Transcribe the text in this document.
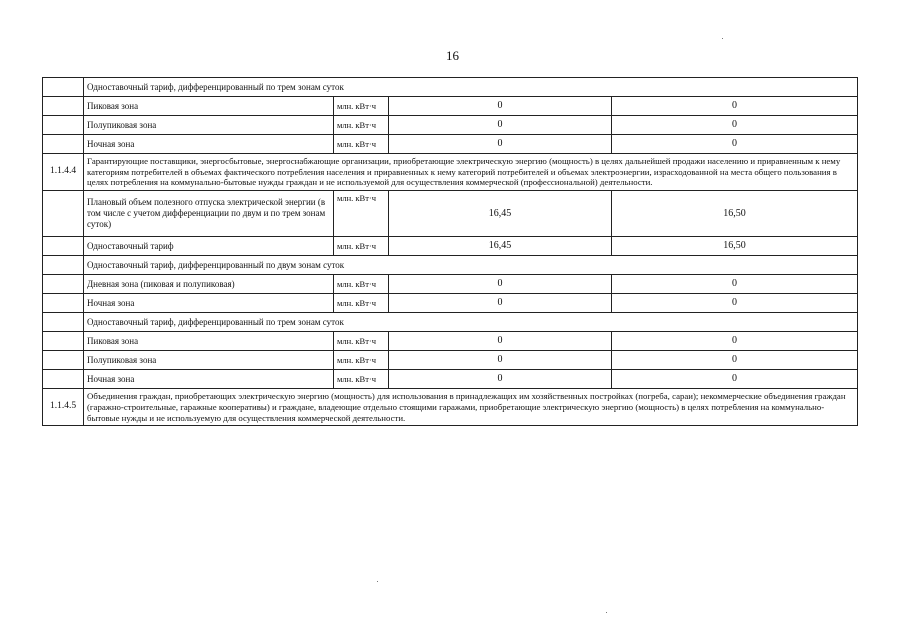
16
	Одноставочный тариф, дифференцированный по трем зонам суток			
	Пиковая зона	млн. кВт·ч	0	0
	Полупиковая зона	млн. кВт·ч	0	0
	Ночная зона	млн. кВт·ч	0	0
1.1.4.4	Гарантирующие поставщики, энергосбытовые, энергоснабжающие организации, приобретающие электрическую энергию (мощность) в целях дальнейшей продажи населению и приравненным к нему категориям потребителей в объемах фактического потребления населения и приравненных к нему категорий потребителей и объемах электроэнергии, израсходованной на места общего пользования в целях потребления на коммунально-бытовые нужды граждан и не используемой для осуществления коммерческой (профессиональной) деятельности.			
	Плановый объем полезного отпуска электрической энергии (в том числе с учетом дифференциации по двум и по трем зонам суток)	млн. кВт·ч	16,45	16,50
	Одноставочный тариф	млн. кВт·ч	16,45	16,50
	Одноставочный тариф, дифференцированный по двум зонам суток			
	Дневная зона (пиковая и полупиковая)	млн. кВт·ч	0	0
	Ночная зона	млн. кВт·ч	0	0
	Одноставочный тариф, дифференцированный по трем зонам суток			
	Пиковая зона	млн. кВт·ч	0	0
	Полупиковая зона	млн. кВт·ч	0	0
	Ночная зона	млн. кВт·ч	0	0
1.1.4.5	Объединения граждан, приобретающих электрическую энергию (мощность) для использования в принадлежащих им хозяйственных постройках (погреба, сараи); некоммерческие объединения граждан (гаражно-строительные, гаражные кооперативы) и граждане, владеющие отдельно стоящими гаражами, приобретающие электрическую энергию (мощность) в целях потребления на коммунально-бытовые нужды и не используемую для осуществления коммерческой деятельности.			
